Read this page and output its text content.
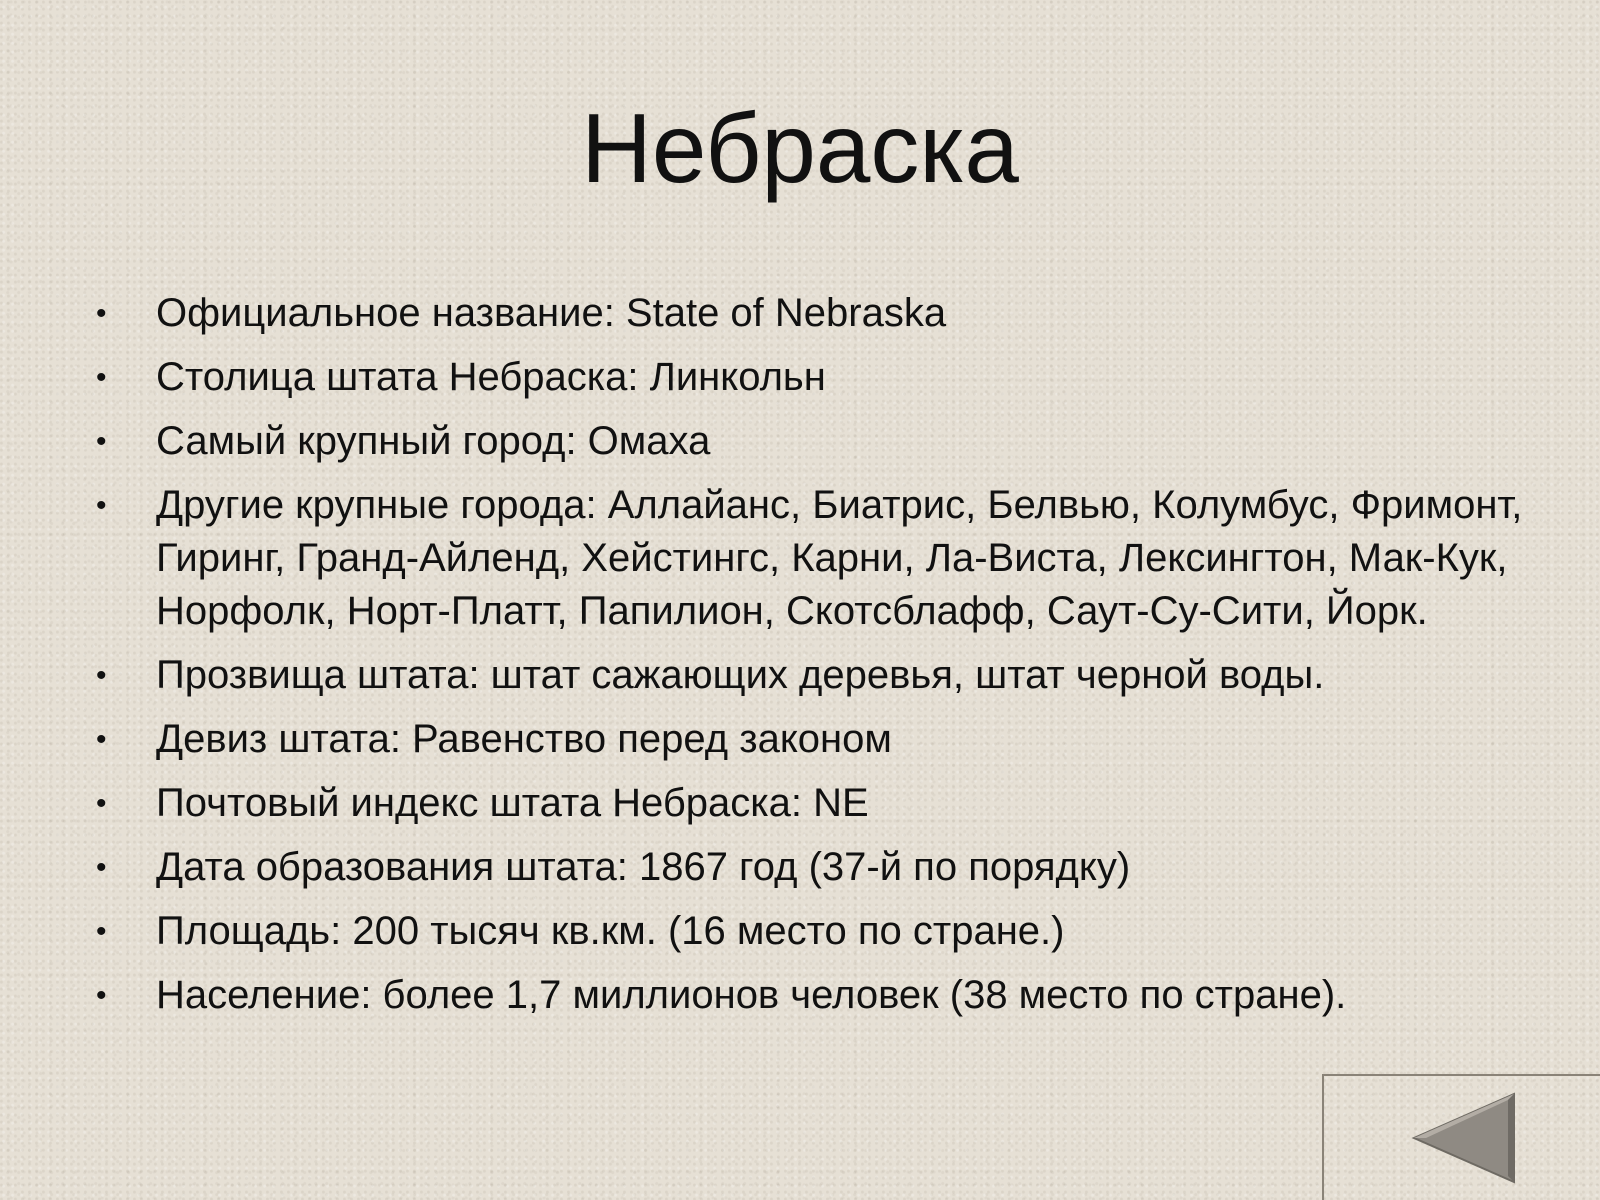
Небраска
• Официальное название: State of Nebraska
• Столица штата Небраска: Линкольн
• Самый крупный город: Омаха
• Другие крупные города: Аллайанс, Биатрис, Белвью, Колумбус, Фримонт, Гиринг, Гранд-Айленд, Хейстингс, Карни, Ла-Виста, Лексингтон, Мак-Кук, Норфолк, Норт-Платт, Папилион, Скотсблафф, Саут-Су-Сити, Йорк.
• Прозвища штата: штат сажающих деревья, штат черной воды.
• Девиз штата: Равенство перед законом
• Почтовый индекс штата Небраска: NE
• Дата образования штата: 1867 год (37-й по порядку)
• Площадь: 200 тысяч кв.км. (16 место по стране.)
• Население: более 1,7 миллионов человек (38 место по стране).
